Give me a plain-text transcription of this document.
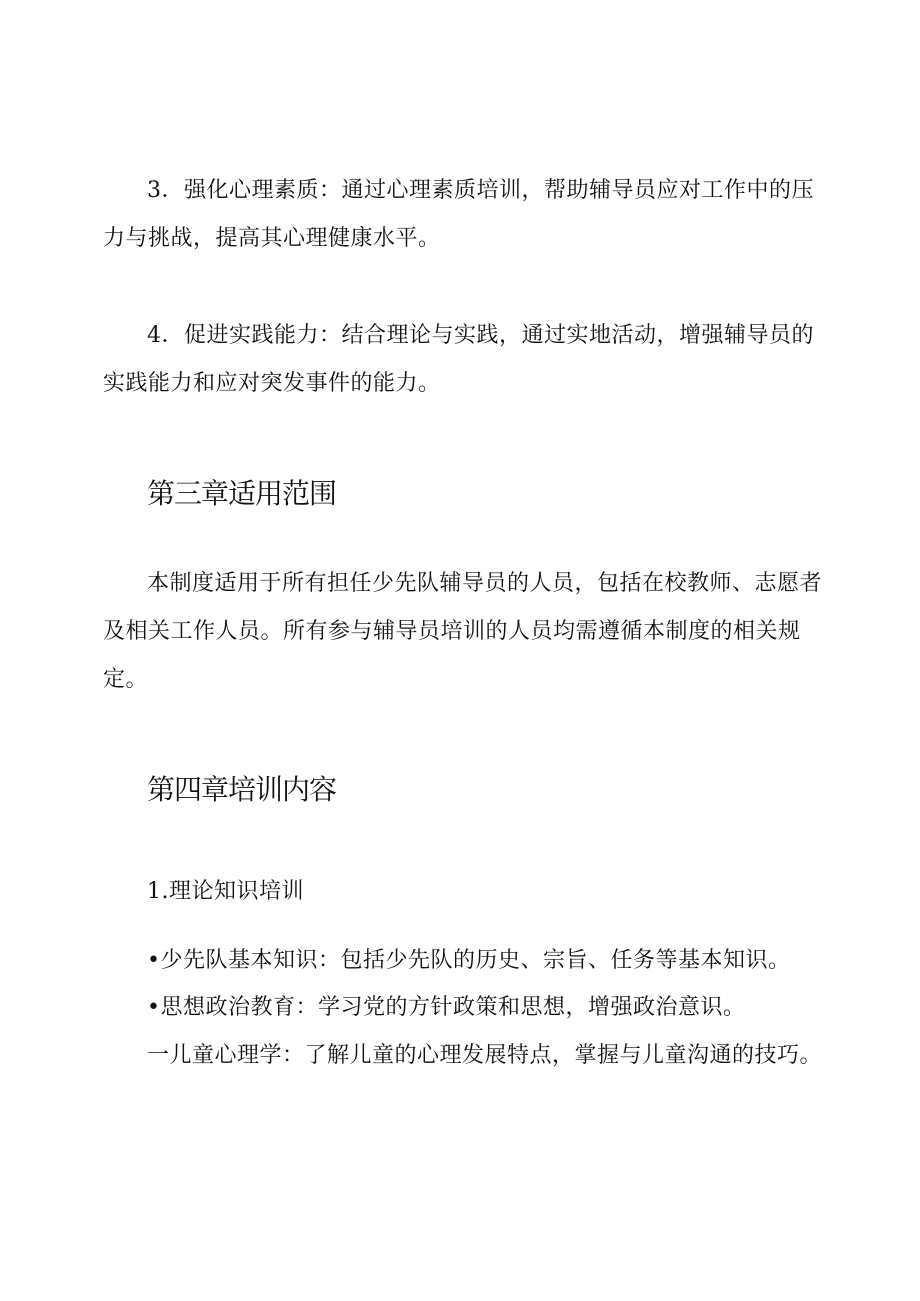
3．强化心理素质：通过心理素质培训，帮助辅导员应对工作中的压力与挑战，提高其心理健康水平。

4．促进实践能力：结合理论与实践，通过实地活动，增强辅导员的实践能力和应对突发事件的能力。

第三章适用范围

本制度适用于所有担任少先队辅导员的人员，包括在校教师、志愿者及相关工作人员。所有参与辅导员培训的人员均需遵循本制度的相关规定。

第四章培训内容

1.理论知识培训

•少先队基本知识：包括少先队的历史、宗旨、任务等基本知识。

•思想政治教育：学习党的方针政策和思想，增强政治意识。

一儿童心理学：了解儿童的心理发展特点，掌握与儿童沟通的技巧。
